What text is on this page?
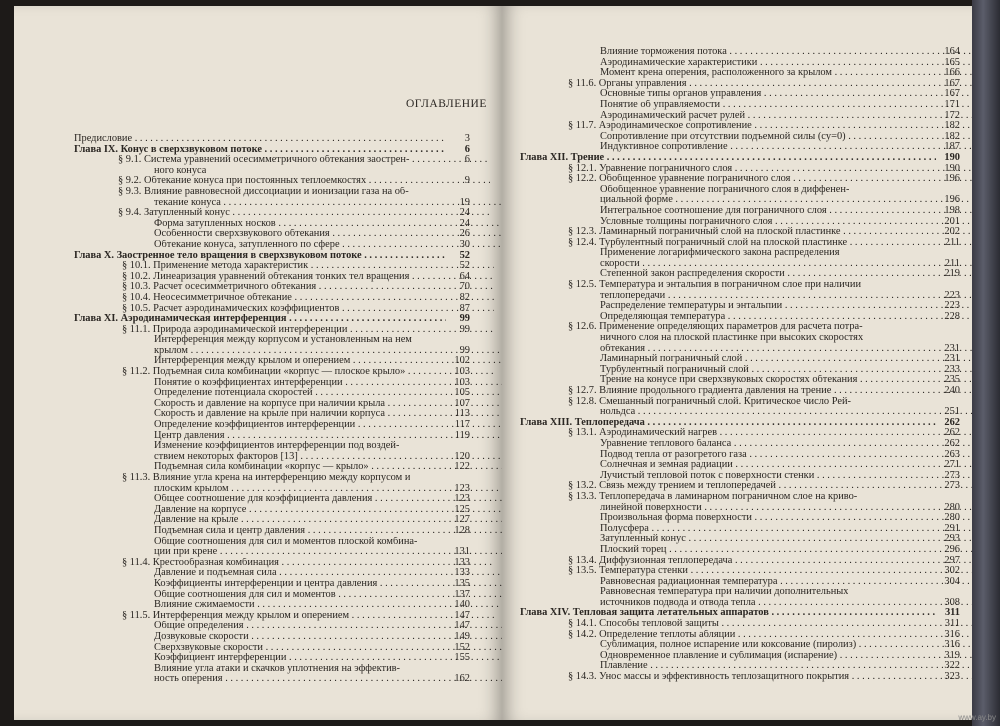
ОГЛАВЛЕНИЕ
Предисловие . . .	3
Глава IX. Конус в сверхзвуковом потоке . . .	6
§ 9.1. Система уравнений осесимметричного обтекания заострен- . . .	6
ного конуса
§ 9.2. Обтекание конуса при постоянных теплоемкостях . . .	9
§ 9.3. Влияние равновесной диссоциации и ионизации газа на об-
текание конуса . . .	19
§ 9.4. Затупленный конус . . .	24
Форма затупленных носков . . .	24
Особенности сверхзвукового обтекания . . .	26
Обтекание конуса, затупленного по сфере . . .	30
Глава X. Заостренное тело вращения в сверхзвуковом потоке . . .	52
§ 10.1. Применение метода характеристик . . .	52
§ 10.2. Линеаризация уравнений обтекания тонких тел вращения . . .	64
§ 10.3. Расчет осесимметричного обтекания . . .	70
§ 10.4. Неосесимметричное обтекание . . .	82
§ 10.5. Расчет аэродинамических коэффициентов . . .	87
Глава XI. Аэродинамическая интерференция . . .	99
§ 11.1. Природа аэродинамической интерференции . . .	99
Интерференция между корпусом и установленным на нем
крылом . . .	99
Интерференция между крылом и оперением . . .	102
§ 11.2. Подъемная сила комбинации «корпус — плоское крыло» . . .	103
Понятие о коэффициентах интерференции . . .	103
Определение потенциала скоростей . . .	105
Скорость и давление на корпусе при наличии крыла . . .	107
Скорость и давление на крыле при наличии корпуса . . .	113
Определение коэффициентов интерференции . . .	117
Центр давления . . .	119
Изменение коэффициентов интерференции под воздей-
ствием некоторых факторов [13] . . .	120
Подъемная сила комбинации «корпус — крыло» . . .	122
§ 11.3. Влияние угла крена на интерференцию между корпусом и
плоским крылом . . .	123
Общее соотношение для коэффициента давления . . .	123
Давление на корпусе . . .	125
Давление на крыле . . .	127
Подъемная сила и центр давления . . .	128
Общие соотношения для сил и моментов плоской комбина-
ции при крене . . .	131
§ 11.4. Крестообразная комбинация . . .	133
Давление и подъемная сила . . .	133
Коэффициенты интерференции и центра давления . . .	135
Общие соотношения для сил и моментов . . .	137
Влияние сжимаемости . . .	140
§ 11.5. Интерференция между крылом и оперением . . .	147
Общие определения . . .	147
Дозвуковые скорости . . .	149
Сверхзвуковые скорости . . .	152
Коэффициент интерференции . . .	155
Влияние угла атаки и скачков уплотнения на эффектив-
ность оперения . . .	162
Влияние торможения потока . . .	164
Аэродинамические характеристики . . .	165
Момент крена оперения, расположенного за крылом . . .	166
§ 11.6. Органы управления . . .	167
Основные типы органов управления . . .	167
Понятие об управляемости . . .	171
Аэродинамический расчет рулей . . .	172
§ 11.7. Аэродинамическое сопротивление . . .	182
Сопротивление при отсутствии подъемной силы (cy=0) . . .	182
Индуктивное сопротивление . . .	187
Глава XII. Трение . . .	190
§ 12.1. Уравнение пограничного слоя . . .	190
§ 12.2. Обобщенное уравнение пограничного слоя . . .	196
Обобщенное уравнение пограничного слоя в диффенен-
циальной форме . . .	196
Интегральное соотношение для пограничного слоя . . .	198
Условные толщины пограничного слоя . . .	201
§ 12.3. Ламинарный пограничный слой на плоской пластинке . . .	202
§ 12.4. Турбулентный пограничный слой на плоской пластинке . . .	211
Применение логарифмического закона распределения
скорости . . .	211
Степенной закон распределения скорости . . .	219
§ 12.5. Температура и энтальпия в пограничном слое при наличии
теплопередачи . . .	223
Распределение температуры и энтальпии . . .	223
Определяющая температура . . .	228
§ 12.6. Применение определяющих параметров для расчета потра-
ничного слоя на плоской пластинке при высоких скоростях
обтекания . . .	231
Ламинарный пограничный слой . . .	231
Турбулентный пограничный слой . . .	233
Трение на конусе при сверхзвуковых скоростях обтекания . . .	235
§ 12.7. Влияние продольного градиента давления на трение . . .	240
§ 12.8. Смешанный пограничный слой. Критическое число Рей-
нольдса . . .	251
Глава XIII. Теплопередача . . .	262
§ 13.1. Аэродинамический нагрев . . .	262
Уравнение теплового баланса . . .	262
Подвод тепла от разогретого газа . . .	263
Солнечная и земная радиации . . .	271
Лучистый тепловой поток с поверхности стенки . . .	273
§ 13.2. Связь между трением и теплопередачей . . .	273
§ 13.3. Теплопередача в ламинарном пограничном слое на криво-
линейной поверхности . . .	280
Произвольная форма поверхности . . .	280
Полусфера . . .	291
Затупленный конус . . .	293
Плоский торец . . .	296
§ 13.4. Диффузионная теплопередача . . .	297
§ 13.5. Температура стенки . . .	302
Равновесная радиационная температура . . .	304
Равновесная температура при наличии дополнительных
источников подвода и отвода тепла . . .	308
Глава XIV. Тепловая защита летательных аппаратов . . .	311
§ 14.1. Способы тепловой защиты . . .	311
§ 14.2. Определение теплоты абляции . . .	316
Сублимация, полное испарение или коксование (пиролиз) . . .	316
Одновременное плавление и сублимация (испарение) . . .	319
Плавление . . .	322
§ 14.3. Унос массы и эффективность теплозащитного покрытия . . .	323
www.ay.by
